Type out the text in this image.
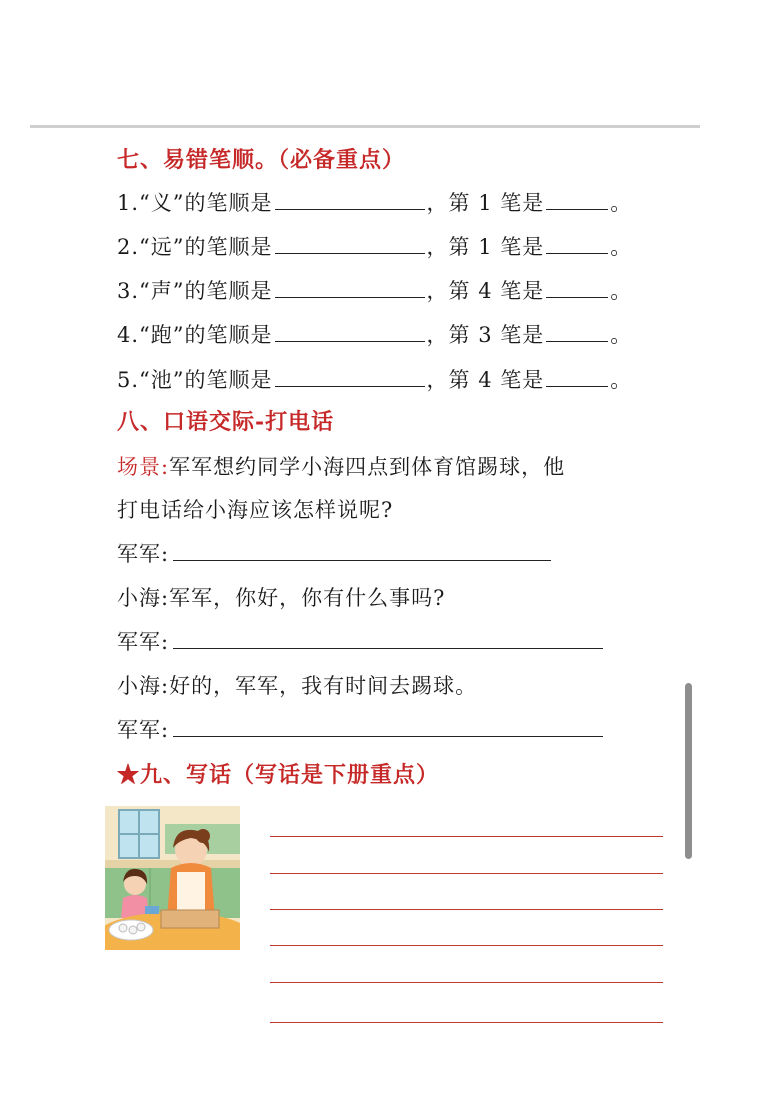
七、易错笔顺。（必备重点）
1.“义”的笔顺是	，第 1 笔是	。
2.“远”的笔顺是	，第 1 笔是	。
3.“声”的笔顺是	，第 4 笔是	。
4.“跑”的笔顺是	，第 3 笔是	。
5.“池”的笔顺是	，第 4 笔是	。
八、口语交际-打电话
场景:军军想约同学小海四点到体育馆踢球，他
打电话给小海应该怎样说呢?
军军:
小海:军军，你好，你有什么事吗?
军军:
小海:好的，军军，我有时间去踢球。
军军:
★九、写话（写话是下册重点）
